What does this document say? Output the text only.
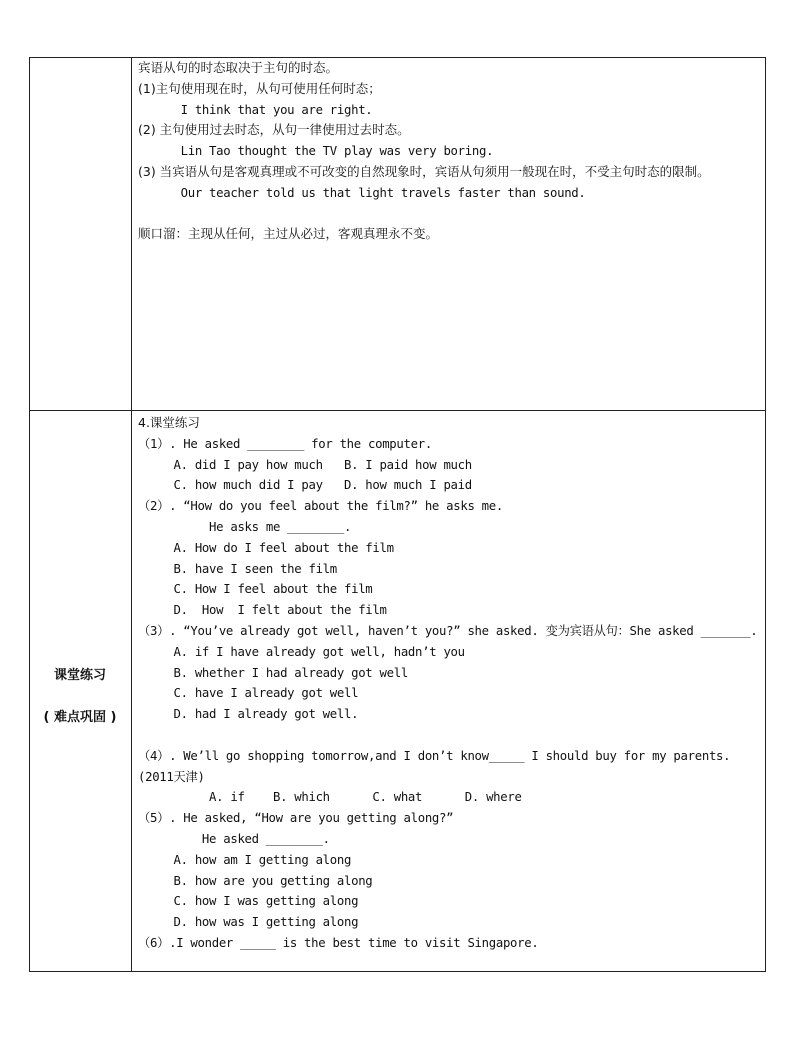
宾语从句的时态取决于主句的时态。
(1)主句使用现在时，从句可使用任何时态；
I think that you are right.
(2) 主句使用过去时态，从句一律使用过去时态。
Lin Tao thought the TV play was very boring.
(3) 当宾语从句是客观真理或不可改变的自然现象时，宾语从句须用一般现在时，不受主句时态的限制。
Our teacher told us that light travels faster than sound.
顺口溜：主现从任何，主过从必过，客观真理永不变。
课堂练习
( 难点巩固 )
4.课堂练习
（1）. He asked ________ for the computer.
A. did I pay how much   B. I paid how much
C. how much did I pay   D. how much I paid
（2）. “How do you feel about the film?” he asks me.
He asks me ________.
A. How do I feel about the film
B. have I seen the film
C. How I feel about the film
D.  How  I felt about the film
（3）. “You’ve already got well, haven’t you?” she asked. 变为宾语从句：She asked _______.
A. if I have already got well, hadn’t you
B. whether I had already got well
C. have I already got well
D. had I already got well.
（4）. We’ll go shopping tomorrow,and I don’t know_____ I should buy for my parents.(2011天津)
A. if    B. which      C. what      D. where
（5）. He asked, “How are you getting along?”
He asked ________.
A. how am I getting along
B. how are you getting along
C. how I was getting along
D. how was I getting along
（6）.I wonder _____ is the best time to visit Singapore.
